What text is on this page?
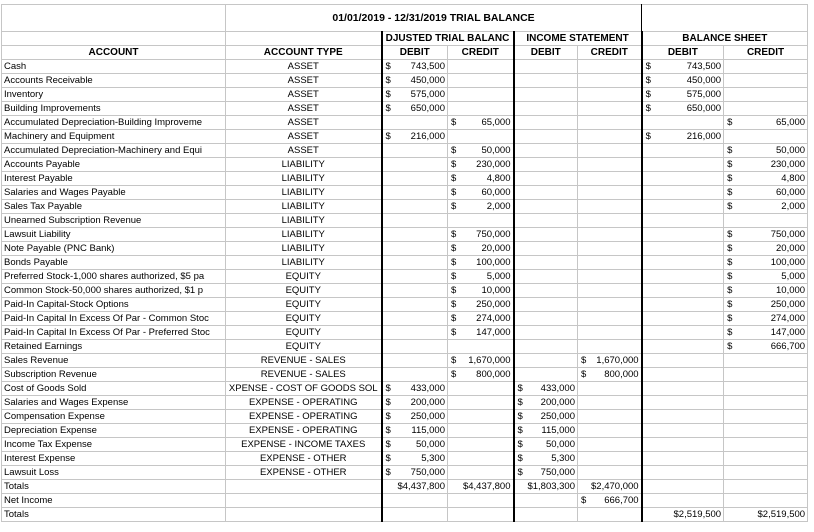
	01/01/2019 - 12/31/2019 TRIAL BALANCE						
		DJUSTED TRIAL BALANC		INCOME STATEMENT		BALANCE SHEET	
ACCOUNT	ACCOUNT TYPE	DEBIT	CREDIT	DEBIT	CREDIT	DEBIT	CREDIT
Cash	ASSET	$ 743,500				$ 743,500	
Accounts Receivable	ASSET	$ 450,000				$ 450,000	
Inventory	ASSET	$ 575,000				$ 575,000	
Building Improvements	ASSET	$ 650,000				$ 650,000	
Accumulated Depreciation-Building Improveme	ASSET		$ 65,000				$ 65,000
Machinery and Equipment	ASSET	$ 216,000				$ 216,000	
Accumulated Depreciation-Machinery and Equi	ASSET		$ 50,000				$ 50,000
Accounts Payable	LIABILITY		$ 230,000				$ 230,000
Interest Payable	LIABILITY		$ 4,800				$ 4,800
Salaries and Wages Payable	LIABILITY		$ 60,000				$ 60,000
Sales Tax Payable	LIABILITY		$ 2,000				$ 2,000
Unearned Subscription Revenue	LIABILITY						
Lawsuit Liability	LIABILITY		$ 750,000				$ 750,000
Note Payable (PNC Bank)	LIABILITY		$ 20,000				$ 20,000
Bonds Payable	LIABILITY		$ 100,000				$ 100,000
Preferred Stock-1,000 shares authorized, $5 pa	EQUITY		$ 5,000				$ 5,000
Common Stock-50,000 shares authorized, $1 p	EQUITY		$ 10,000				$ 10,000
Paid-In Capital-Stock Options	EQUITY		$ 250,000				$ 250,000
Paid-In Capital In Excess Of Par - Common Stoc	EQUITY		$ 274,000				$ 274,000
Paid-In Capital In Excess Of Par - Preferred Stoc	EQUITY		$ 147,000				$ 147,000
Retained Earnings	EQUITY						$ 666,700
Sales Revenue	REVENUE - SALES		$ 1,670,000		$ 1,670,000		
Subscription Revenue	REVENUE - SALES		$ 800,000		$ 800,000		
Cost of Goods Sold	XPENSE - COST OF GOODS SOL	$ 433,000		$ 433,000			
Salaries and Wages Expense	EXPENSE - OPERATING	$ 200,000		$ 200,000			
Compensation Expense	EXPENSE - OPERATING	$ 250,000		$ 250,000			
Depreciation Expense	EXPENSE - OPERATING	$ 115,000		$ 115,000			
Income Tax Expense	EXPENSE - INCOME TAXES	$ 50,000		$ 50,000			
Interest Expense	EXPENSE - OTHER	$ 5,300		$ 5,300			
Lawsuit Loss	EXPENSE - OTHER	$ 750,000		$ 750,000			
Totals		$4,437,800	$4,437,800	$1,803,300	$2,470,000		
Net Income					$ 666,700		
Totals						$2,519,500	$2,519,500
